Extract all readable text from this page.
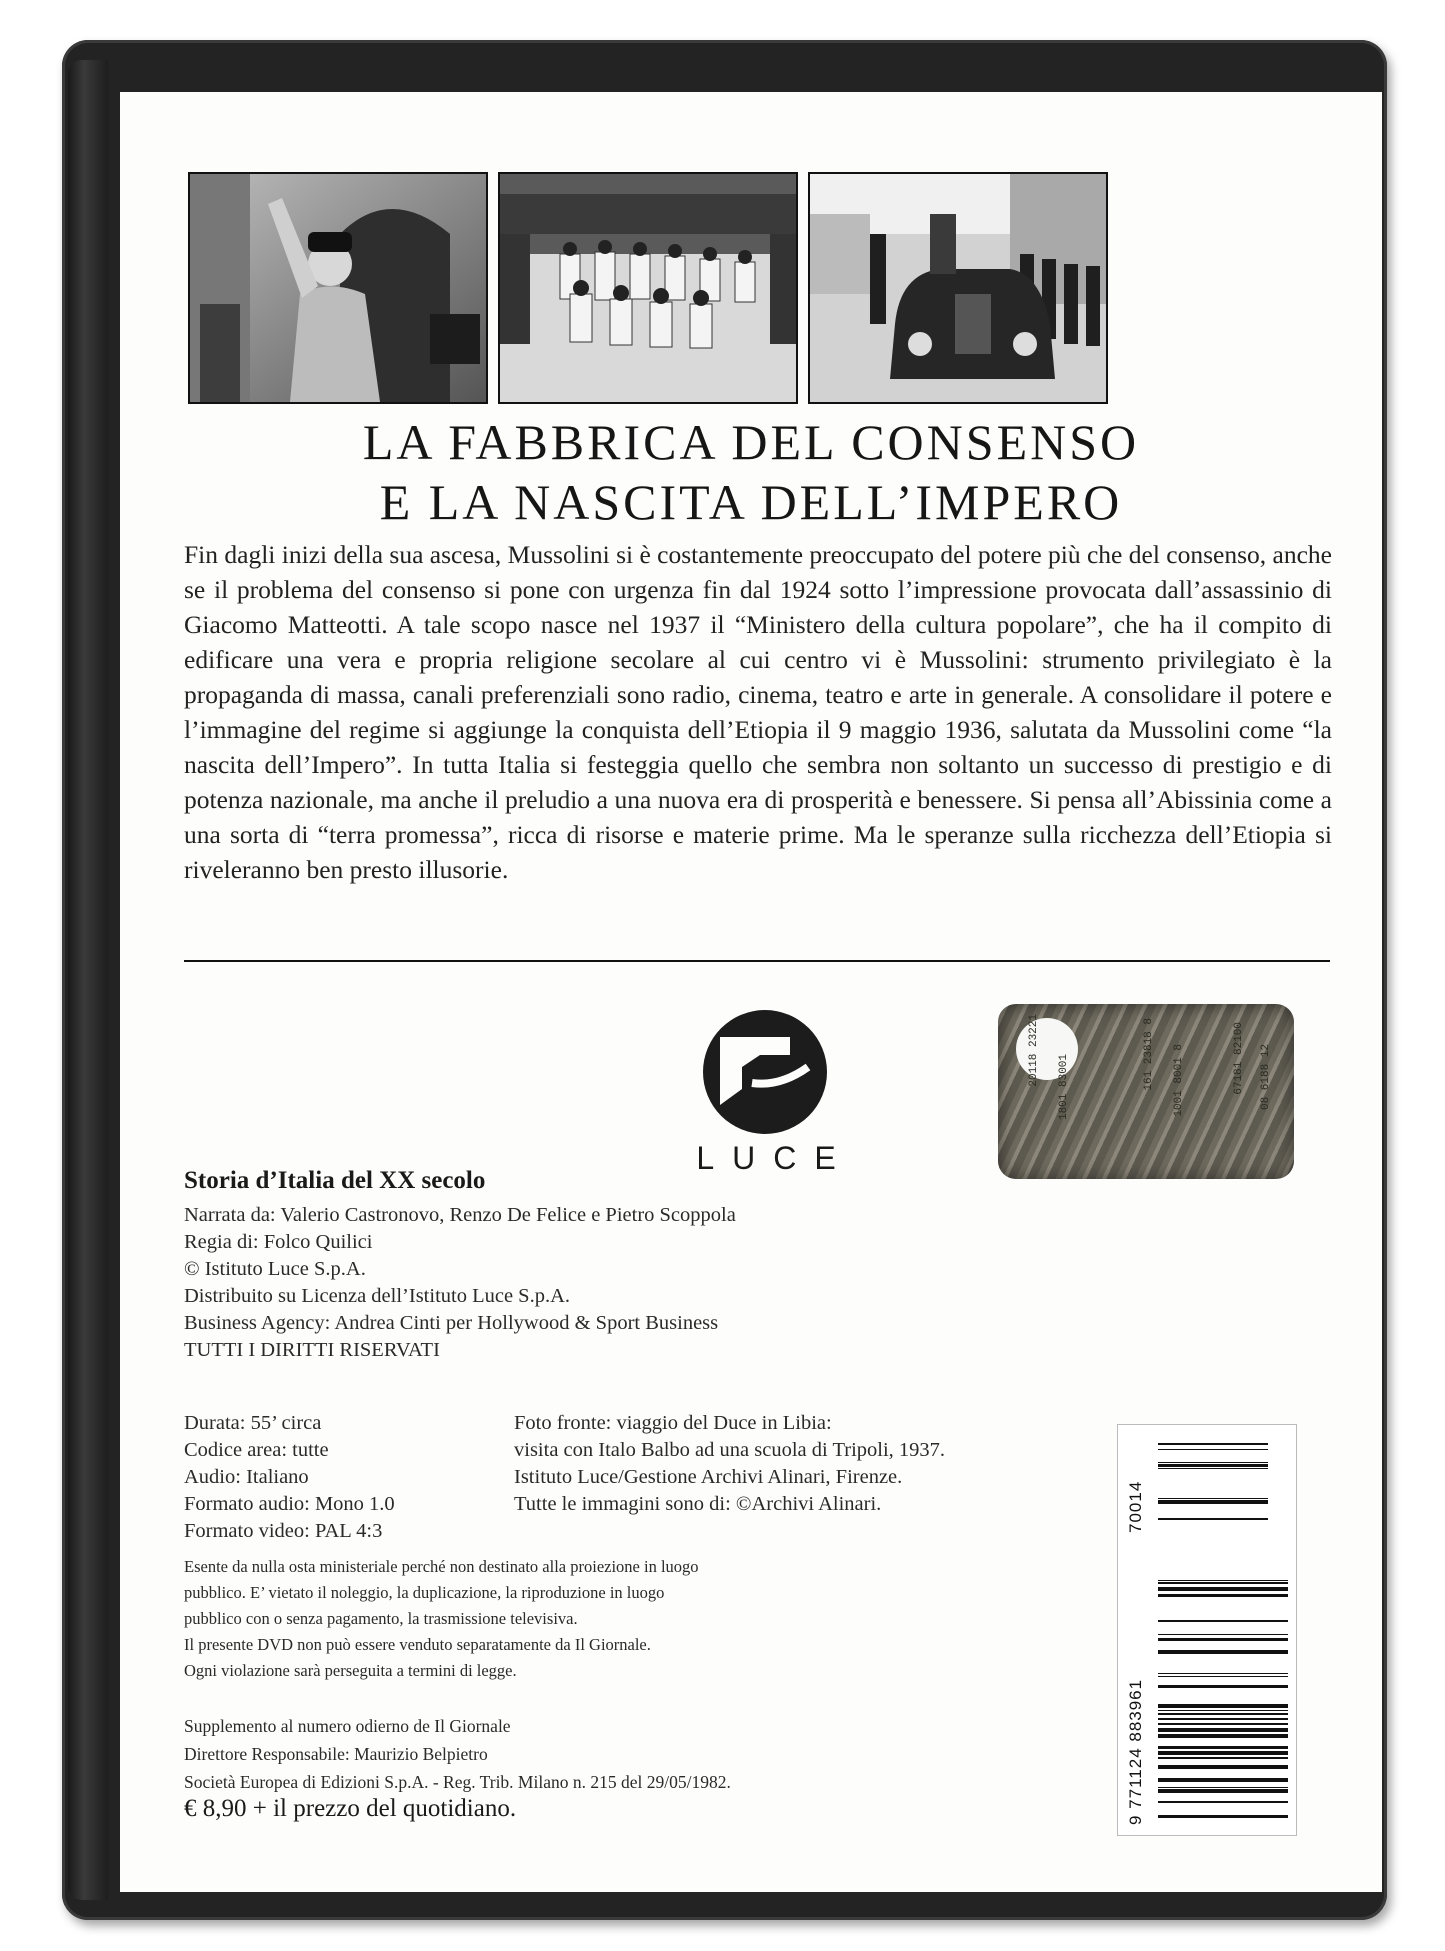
LA FABBRICA DEL CONSENSO
E LA NASCITA DELL’IMPERO
Fin dagli inizi della sua ascesa, Mussolini si è costantemente preoccupato del potere più che del consenso, anche se il problema del consenso si pone con urgenza fin dal 1924 sotto l’impressione provocata dall’assassinio di Giacomo Matteotti. A tale scopo nasce nel 1937 il “Ministero della cultura popolare”, che ha il compito di edificare una vera e propria religione secolare al cui centro vi è Mussolini: strumento privilegiato è la propaganda di massa, canali preferenziali sono radio, cinema, teatro e arte in generale. A consolidare il potere e l’immagine del regime si aggiunge la conquista dell’Etiopia il 9 maggio 1936, salutata da Mussolini come “la nascita dell’Impero”. In tutta Italia si festeggia quello che sembra non soltanto un successo di prestigio e di potenza nazionale, ma anche il preludio a una nuova era di prosperità e benessere. Si pensa all’Abissinia come a una sorta di “terra promessa”, ricca di risorse e materie prime. Ma le speranze sulla ricchezza dell’Etiopia si riveleranno ben presto illusorie.
LUCE
20118 23221
1801 83001	161 23818 8 1001 8001 8	67181 82100 08 6188 12
Storia d’Italia del XX secolo
Narrata da: Valerio Castronovo, Renzo De Felice e Pietro Scoppola
Regia di: Folco Quilici
© Istituto Luce S.p.A.
Distribuito su Licenza dell’Istituto Luce S.p.A.
Business Agency: Andrea Cinti per Hollywood & Sport Business
TUTTI I DIRITTI RISERVATI
Durata: 55’ circa
Codice area: tutte
Audio: Italiano
Formato audio: Mono 1.0
Formato video: PAL 4:3
Foto fronte: viaggio del Duce in Libia:
visita con Italo Balbo ad una scuola di Tripoli, 1937.
Istituto Luce/Gestione Archivi Alinari, Firenze.
Tutte le immagini sono di: ©Archivi Alinari.
Esente da nulla osta ministeriale perché non destinato alla proiezione in luogo
pubblico. E’ vietato il noleggio, la duplicazione, la riproduzione in luogo
pubblico con o senza pagamento, la trasmissione televisiva.
Il presente DVD non può essere venduto separatamente da Il Giornale.
Ogni violazione sarà perseguita a termini di legge.
Supplemento al numero odierno de Il Giornale
Direttore Responsabile: Maurizio Belpietro
Società Europea di Edizioni S.p.A. - Reg. Trib. Milano n. 215 del 29/05/1982.
€ 8,90 + il prezzo del quotidiano.
70014
9 771124 883961
